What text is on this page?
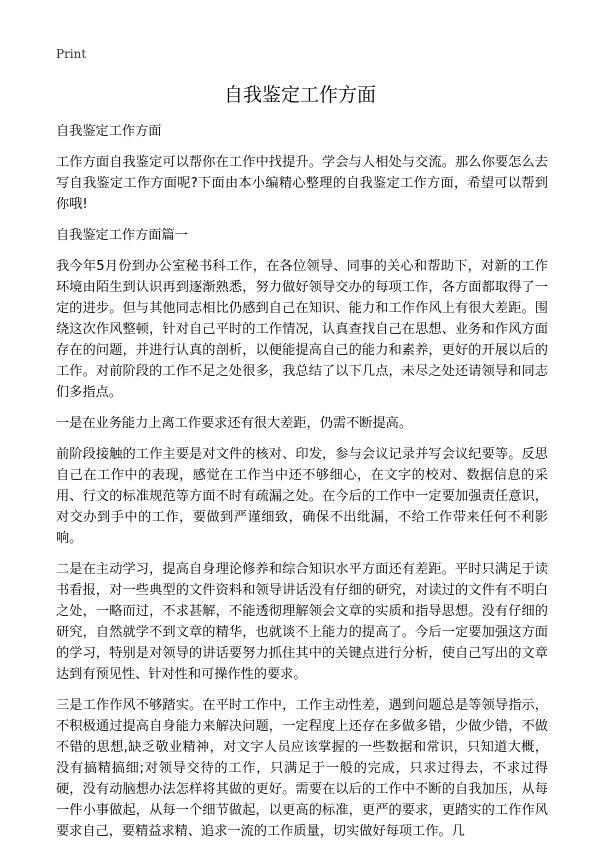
Print
自我鉴定工作方面

自我鉴定工作方面

工作方面自我鉴定可以帮你在工作中找提升。学会与人相处与交流。那么你要怎么去写自我鉴定工作方面呢?下面由本小编精心整理的自我鉴定工作方面，希望可以帮到你哦!

自我鉴定工作方面篇一

我今年5月份到办公室秘书科工作，在各位领导、同事的关心和帮助下，对新的工作环境由陌生到认识再到逐渐熟悉，努力做好领导交办的每项工作，各方面都取得了一定的进步。但与其他同志相比仍感到自己在知识、能力和工作作风上有很大差距。围绕这次作风整顿，针对自己平时的工作情况，认真查找自己在思想、业务和作风方面存在的问题，并进行认真的剖析，以便能提高自己的能力和素养，更好的开展以后的工作。对前阶段的工作不足之处很多，我总结了以下几点，未尽之处还请领导和同志们多指点。

一是在业务能力上离工作要求还有很大差距，仍需不断提高。

前阶段接触的工作主要是对文件的核对、印发，参与会议记录并写会议纪要等。反思自己在工作中的表现，感觉在工作当中还不够细心，在文字的校对、数据信息的采用、行文的标准规范等方面不时有疏漏之处。在今后的工作中一定要加强责任意识，对交办到手中的工作，要做到严谨细致，确保不出纰漏，不给工作带来任何不利影响。

二是在主动学习，提高自身理论修养和综合知识水平方面还有差距。平时只满足于读书看报，对一些典型的文件资料和领导讲话没有仔细的研究，对读过的文件有不明白之处，一略而过，不求甚解，不能透彻理解领会文章的实质和指导思想。没有仔细的研究，自然就学不到文章的精华，也就谈不上能力的提高了。今后一定要加强这方面的学习，特别是对领导的讲话要努力抓住其中的关键点进行分析，使自己写出的文章达到有预见性、针对性和可操作性的要求。

三是工作作风不够踏实。在平时工作中，工作主动性差，遇到问题总是等领导指示，不积极通过提高自身能力来解决问题，一定程度上还存在多做多错，少做少错，不做不错的思想,缺乏敬业精神，对文字人员应该掌握的一些数据和常识，只知道大概，没有搞精搞细;对领导交待的工作，只满足于一般的完成，只求过得去，不求过得硬，没有动脑想办法怎样将其做的更好。需要在以后的工作中不断的自我加压，从每一件小事做起，从每一个细节做起，以更高的标准，更严的要求，更踏实的工作作风要求自己，要精益求精、追求一流的工作质量，切实做好每项工作。几
